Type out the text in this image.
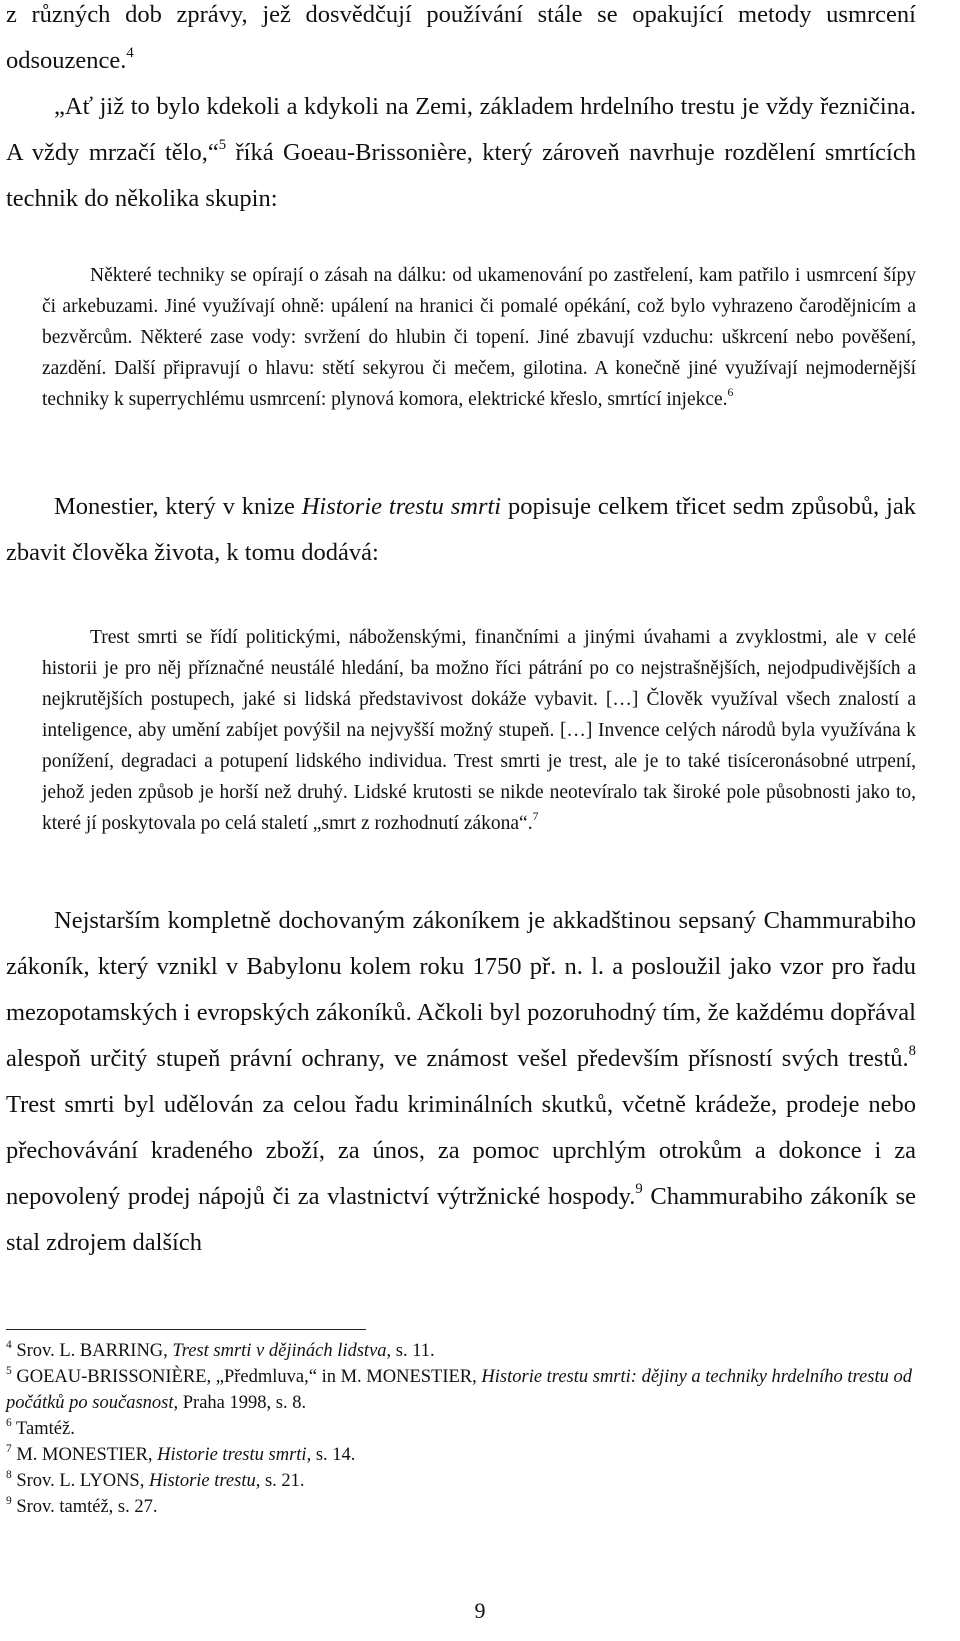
z různých dob zprávy, jež dosvědčují používání stále se opakující metody usmrcení odsouzence.$^4$
„Ať již to bylo kdekoli a kdykoli na Zemi, základem hrdelního trestu je vždy řezničina. A vždy mrzačí tělo,“$^5$ říká Goeau-Brissonière, který zároveň navrhuje rozdělení smrtících technik do několika skupin:

Některé techniky se opírají o zásah na dálku: od ukamenování po zastřelení, kam patřilo i usmrcení šípy či arkebuzami. Jiné využívají ohně: upálení na hranici či pomalé opékání, což bylo vyhrazeno čarodějnicím a bezvěrcům. Některé zase vody: svržení do hlubin či topení. Jiné zbavují vzduchu: uškrcení nebo pověšení, zazdění. Další připravují o hlavu: stětí sekyrou či mečem, gilotina. A konečně jiné využívají nejmodernější techniky k superrychlému usmrcení: plynová komora, elektrické křeslo, smrtící injekce.$^6$

Monestier, který v knize Historie trestu smrti popisuje celkem třicet sedm způsobů, jak zbavit člověka života, k tomu dodává:

Trest smrti se řídí politickými, náboženskými, finančními a jinými úvahami a zvyklostmi, ale v celé historii je pro něj příznačné neustálé hledání, ba možno říci pátrání po co nejstrašnějších, nejodpudivějších a nejkrutějších postupech, jaké si lidská představivost dokáže vybavit. […] Člověk využíval všech znalostí a inteligence, aby umění zabíjet povýšil na nejvyšší možný stupeň. […] Invence celých národů byla využívána k ponížení, degradaci a potupení lidského individua. Trest smrti je trest, ale je to také tisíceronásobné utrpení, jehož jeden způsob je horší než druhý. Lidské krutosti se nikde neotevíralo tak široké pole působnosti jako to, které jí poskytovala po celá staletí „smrt z rozhodnutí zákona“.$^7$

Nejstarším kompletně dochovaným zákoníkem je akkadštinou sepsaný Chammurabiho zákoník, který vznikl v Babylonu kolem roku 1750 př. n. l. a posloužil jako vzor pro řadu mezopotamských i evropských zákoníků. Ačkoli byl pozoruhodný tím, že každému dopřával alespoň určitý stupeň právní ochrany, ve známost vešel především přísností svých trestů.$^8$ Trest smrti byl udělován za celou řadu kriminálních skutků, včetně krádeže, prodeje nebo přechovávání kradeného zboží, za únos, za pomoc uprchlým otrokům a dokonce i za nepovolený prodej nápojů či za vlastnictví výtržnické hospody.$^9$ Chammurabiho zákoník se stal zdrojem dalších

$^4$ Srov. L. BARRING, Trest smrti v dějinách lidstva, s. 11.

$^5$ GOEAU-BRISSONIÈRE, „Předmluva,“ in M. MONESTIER, Historie trestu smrti: dějiny a techniky hrdelního trestu od počátků po současnost, Praha 1998, s. 8.

$^6$ Tamtéž.

$^7$ M. MONESTIER, Historie trestu smrti, s. 14.

$^8$ Srov. L. LYONS, Historie trestu, s. 21.

$^9$ Srov. tamtéž, s. 27.

9
